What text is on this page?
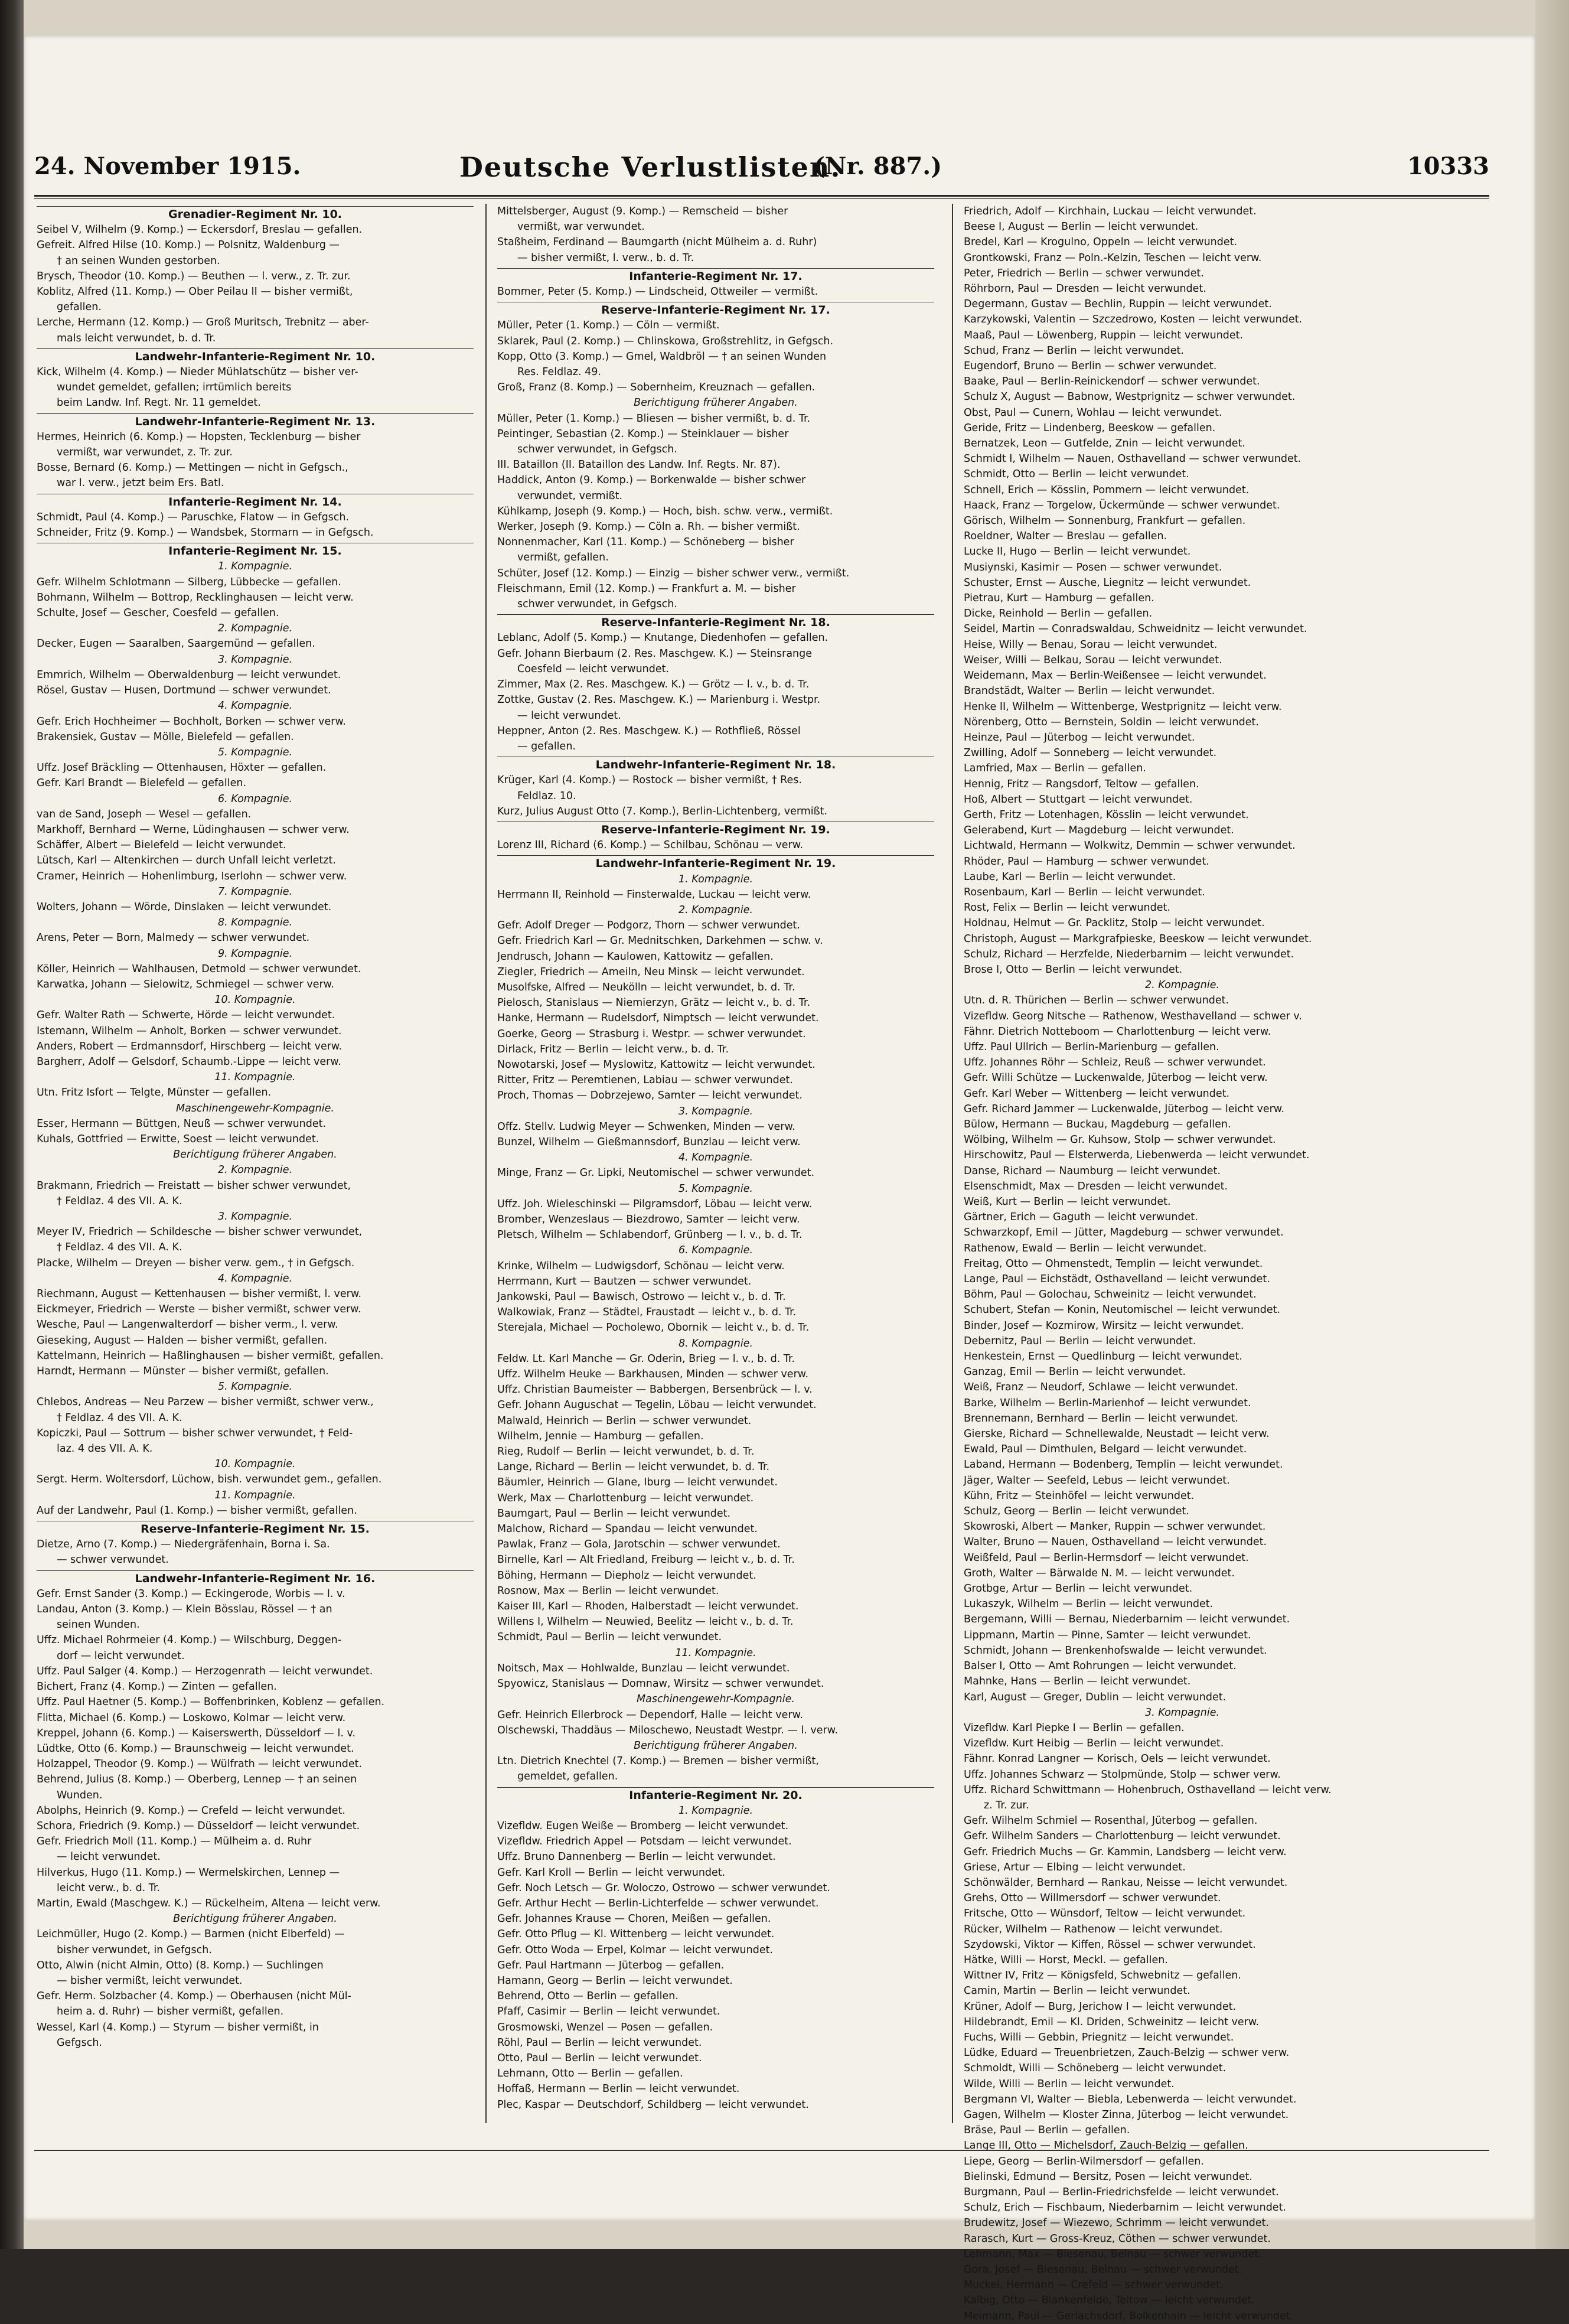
24. November 1915.	Deutsche Verlustlisten.
(Nr. 887.)	10333
Grenadier-Regiment Nr. 10.
Seibel V, Wilhelm (9. Komp.) — Eckersdorf, Breslau — gefallen.
Gefreit. Alfred Hilse (10. Komp.) — Polsnitz, Waldenburg —
† an seinen Wunden gestorben.
Brysch, Theodor (10. Komp.) — Beuthen — l. verw., z. Tr. zur.
Koblitz, Alfred (11. Komp.) — Ober Peilau II — bisher vermißt,
gefallen.
Lerche, Hermann (12. Komp.) — Groß Muritsch, Trebnitz — aber-
mals leicht verwundet, b. d. Tr.
Landwehr-Infanterie-Regiment Nr. 10.
Kick, Wilhelm (4. Komp.) — Nieder Mühlatschütz — bisher ver-
wundet gemeldet, gefallen; irrtümlich bereits
beim Landw. Inf. Regt. Nr. 11 gemeldet.
Landwehr-Infanterie-Regiment Nr. 13.
Hermes, Heinrich (6. Komp.) — Hopsten, Tecklenburg — bisher
vermißt, war verwundet, z. Tr. zur.
Bosse, Bernard (6. Komp.) — Mettingen — nicht in Gefgsch.,
war l. verw., jetzt beim Ers. Batl.
Infanterie-Regiment Nr. 14.
Schmidt, Paul (4. Komp.) — Paruschke, Flatow — in Gefgsch.
Schneider, Fritz (9. Komp.) — Wandsbek, Stormarn — in Gefgsch.
Infanterie-Regiment Nr. 15.
1. Kompagnie.
Gefr. Wilhelm Schlotmann — Silberg, Lübbecke — gefallen.
Bohmann, Wilhelm — Bottrop, Recklinghausen — leicht verw.
Schulte, Josef — Gescher, Coesfeld — gefallen.
2. Kompagnie.
Decker, Eugen — Saaralben, Saargemünd — gefallen.
3. Kompagnie.
Emmrich, Wilhelm — Oberwaldenburg — leicht verwundet.
Rösel, Gustav — Husen, Dortmund — schwer verwundet.
4. Kompagnie.
Gefr. Erich Hochheimer — Bochholt, Borken — schwer verw.
Brakensiek, Gustav — Mölle, Bielefeld — gefallen.
5. Kompagnie.
Uffz. Josef Bräckling — Ottenhausen, Höxter — gefallen.
Gefr. Karl Brandt — Bielefeld — gefallen.
6. Kompagnie.
van de Sand, Joseph — Wesel — gefallen.
Markhoff, Bernhard — Werne, Lüdinghausen — schwer verw.
Schäffer, Albert — Bielefeld — leicht verwundet.
Lütsch, Karl — Altenkirchen — durch Unfall leicht verletzt.
Cramer, Heinrich — Hohenlimburg, Iserlohn — schwer verw.
7. Kompagnie.
Wolters, Johann — Wörde, Dinslaken — leicht verwundet.
8. Kompagnie.
Arens, Peter — Born, Malmedy — schwer verwundet.
9. Kompagnie.
Köller, Heinrich — Wahlhausen, Detmold — schwer verwundet.
Karwatka, Johann — Sielowitz, Schmiegel — schwer verw.
10. Kompagnie.
Gefr. Walter Rath — Schwerte, Hörde — leicht verwundet.
Istemann, Wilhelm — Anholt, Borken — schwer verwundet.
Anders, Robert — Erdmannsdorf, Hirschberg — leicht verw.
Bargherr, Adolf — Gelsdorf, Schaumb.-Lippe — leicht verw.
11. Kompagnie.
Utn. Fritz Isfort — Telgte, Münster — gefallen.
Maschinengewehr-Kompagnie.
Esser, Hermann — Büttgen, Neuß — schwer verwundet.
Kuhals, Gottfried — Erwitte, Soest — leicht verwundet.
Berichtigung früherer Angaben.
2. Kompagnie.
Brakmann, Friedrich — Freistatt — bisher schwer verwundet,
† Feldlaz. 4 des VII. A. K.
3. Kompagnie.
Meyer IV, Friedrich — Schildesche — bisher schwer verwundet,
† Feldlaz. 4 des VII. A. K.
Placke, Wilhelm — Dreyen — bisher verw. gem., † in Gefgsch.
4. Kompagnie.
Riechmann, August — Kettenhausen — bisher vermißt, l. verw.
Eickmeyer, Friedrich — Werste — bisher vermißt, schwer verw.
Wesche, Paul — Langenwalterdorf — bisher verm., l. verw.
Gieseking, August — Halden — bisher vermißt, gefallen.
Kattelmann, Heinrich — Haßlinghausen — bisher vermißt, gefallen.
Harndt, Hermann — Münster — bisher vermißt, gefallen.
5. Kompagnie.
Chlebos, Andreas — Neu Parzew — bisher vermißt, schwer verw.,
† Feldlaz. 4 des VII. A. K.
Kopiczki, Paul — Sottrum — bisher schwer verwundet, † Feld-
laz. 4 des VII. A. K.
10. Kompagnie.
Sergt. Herm. Woltersdorf, Lüchow, bish. verwundet gem., gefallen.
11. Kompagnie.
Auf der Landwehr, Paul (1. Komp.) — bisher vermißt, gefallen.
Reserve-Infanterie-Regiment Nr. 15.
Dietze, Arno (7. Komp.) — Niedergräfenhain, Borna i. Sa.
— schwer verwundet.
Landwehr-Infanterie-Regiment Nr. 16.
Gefr. Ernst Sander (3. Komp.) — Eckingerode, Worbis — l. v.
Landau, Anton (3. Komp.) — Klein Bösslau, Rössel — † an
seinen Wunden.
Uffz. Michael Rohrmeier (4. Komp.) — Wilschburg, Deggen-
dorf — leicht verwundet.
Uffz. Paul Salger (4. Komp.) — Herzogenrath — leicht verwundet.
Bichert, Franz (4. Komp.) — Zinten — gefallen.
Uffz. Paul Haetner (5. Komp.) — Boffenbrinken, Koblenz — gefallen.
Flitta, Michael (6. Komp.) — Loskowo, Kolmar — leicht verw.
Kreppel, Johann (6. Komp.) — Kaiserswerth, Düsseldorf — l. v.
Lüdtke, Otto (6. Komp.) — Braunschweig — leicht verwundet.
Holzappel, Theodor (9. Komp.) — Wülfrath — leicht verwundet.
Behrend, Julius (8. Komp.) — Oberberg, Lennep — † an seinen
Wunden.
Abolphs, Heinrich (9. Komp.) — Crefeld — leicht verwundet.
Schora, Friedrich (9. Komp.) — Düsseldorf — leicht verwundet.
Gefr. Friedrich Moll (11. Komp.) — Mülheim a. d. Ruhr
— leicht verwundet.
Hilverkus, Hugo (11. Komp.) — Wermelskirchen, Lennep —
leicht verw., b. d. Tr.
Martin, Ewald (Maschgew. K.) — Rückelheim, Altena — leicht verw.
Berichtigung früherer Angaben.
Leichmüller, Hugo (2. Komp.) — Barmen (nicht Elberfeld) —
bisher verwundet, in Gefgsch.
Otto, Alwin (nicht Almin, Otto) (8. Komp.) — Suchlingen
— bisher vermißt, leicht verwundet.
Gefr. Herm. Solzbacher (4. Komp.) — Oberhausen (nicht Mül-
heim a. d. Ruhr) — bisher vermißt, gefallen.
Wessel, Karl (4. Komp.) — Styrum — bisher vermißt, in
Gefgsch.
Mittelsberger, August (9. Komp.) — Remscheid — bisher
vermißt, war verwundet.
Staßheim, Ferdinand — Baumgarth (nicht Mülheim a. d. Ruhr)
— bisher vermißt, l. verw., b. d. Tr.
Infanterie-Regiment Nr. 17.
Bommer, Peter (5. Komp.) — Lindscheid, Ottweiler — vermißt.
Reserve-Infanterie-Regiment Nr. 17.
Müller, Peter (1. Komp.) — Cöln — vermißt.
Sklarek, Paul (2. Komp.) — Chlinskowa, Großstrehlitz, in Gefgsch.
Kopp, Otto (3. Komp.) — Gmel, Waldbröl — † an seinen Wunden
Res. Feldlaz. 49.
Groß, Franz (8. Komp.) — Sobernheim, Kreuznach — gefallen.
Berichtigung früherer Angaben.
Müller, Peter (1. Komp.) — Bliesen — bisher vermißt, b. d. Tr.
Peintinger, Sebastian (2. Komp.) — Steinklauer — bisher
schwer verwundet, in Gefgsch.
III. Bataillon (II. Bataillon des Landw. Inf. Regts. Nr. 87).
Haddick, Anton (9. Komp.) — Borkenwalde — bisher schwer
verwundet, vermißt.
Kühlkamp, Joseph (9. Komp.) — Hoch, bish. schw. verw., vermißt.
Werker, Joseph (9. Komp.) — Cöln a. Rh. — bisher vermißt.
Nonnenmacher, Karl (11. Komp.) — Schöneberg — bisher
vermißt, gefallen.
Schüter, Josef (12. Komp.) — Einzig — bisher schwer verw., vermißt.
Fleischmann, Emil (12. Komp.) — Frankfurt a. M. — bisher
schwer verwundet, in Gefgsch.
Reserve-Infanterie-Regiment Nr. 18.
Leblanc, Adolf (5. Komp.) — Knutange, Diedenhofen — gefallen.
Gefr. Johann Bierbaum (2. Res. Maschgew. K.) — Steinsrange
Coesfeld — leicht verwundet.
Zimmer, Max (2. Res. Maschgew. K.) — Grötz — l. v., b. d. Tr.
Zottke, Gustav (2. Res. Maschgew. K.) — Marienburg i. Westpr.
— leicht verwundet.
Heppner, Anton (2. Res. Maschgew. K.) — Rothfließ, Rössel
— gefallen.
Landwehr-Infanterie-Regiment Nr. 18.
Krüger, Karl (4. Komp.) — Rostock — bisher vermißt, † Res.
Feldlaz. 10.
Kurz, Julius August Otto (7. Komp.), Berlin-Lichtenberg, vermißt.
Reserve-Infanterie-Regiment Nr. 19.
Lorenz III, Richard (6. Komp.) — Schilbau, Schönau — verw.
Landwehr-Infanterie-Regiment Nr. 19.
1. Kompagnie.
Herrmann II, Reinhold — Finsterwalde, Luckau — leicht verw.
2. Kompagnie.
Gefr. Adolf Dreger — Podgorz, Thorn — schwer verwundet.
Gefr. Friedrich Karl — Gr. Mednitschken, Darkehmen — schw. v.
Jendrusch, Johann — Kaulowen, Kattowitz — gefallen.
Ziegler, Friedrich — Ameiln, Neu Minsk — leicht verwundet.
Musolfske, Alfred — Neukölln — leicht verwundet, b. d. Tr.
Pielosch, Stanislaus — Niemierzyn, Grätz — leicht v., b. d. Tr.
Hanke, Hermann — Rudelsdorf, Nimptsch — leicht verwundet.
Goerke, Georg — Strasburg i. Westpr. — schwer verwundet.
Dirlack, Fritz — Berlin — leicht verw., b. d. Tr.
Nowotarski, Josef — Myslowitz, Kattowitz — leicht verwundet.
Ritter, Fritz — Peremtienen, Labiau — schwer verwundet.
Proch, Thomas — Dobrzejewo, Samter — leicht verwundet.
3. Kompagnie.
Offz. Stellv. Ludwig Meyer — Schwenken, Minden — verw.
Bunzel, Wilhelm — Gießmannsdorf, Bunzlau — leicht verw.
4. Kompagnie.
Minge, Franz — Gr. Lipki, Neutomischel — schwer verwundet.
5. Kompagnie.
Uffz. Joh. Wieleschinski — Pilgramsdorf, Löbau — leicht verw.
Bromber, Wenzeslaus — Biezdrowo, Samter — leicht verw.
Pletsch, Wilhelm — Schlabendorf, Grünberg — l. v., b. d. Tr.
6. Kompagnie.
Krinke, Wilhelm — Ludwigsdorf, Schönau — leicht verw.
Herrmann, Kurt — Bautzen — schwer verwundet.
Jankowski, Paul — Bawisch, Ostrowo — leicht v., b. d. Tr.
Walkowiak, Franz — Städtel, Fraustadt — leicht v., b. d. Tr.
Sterejala, Michael — Pocholewo, Obornik — leicht v., b. d. Tr.
8. Kompagnie.
Feldw. Lt. Karl Manche — Gr. Oderin, Brieg — l. v., b. d. Tr.
Uffz. Wilhelm Heuke — Barkhausen, Minden — schwer verw.
Uffz. Christian Baumeister — Babbergen, Bersenbrück — l. v.
Gefr. Johann Auguschat — Tegelin, Löbau — leicht verwundet.
Malwald, Heinrich — Berlin — schwer verwundet.
Wilhelm, Jennie — Hamburg — gefallen.
Rieg, Rudolf — Berlin — leicht verwundet, b. d. Tr.
Lange, Richard — Berlin — leicht verwundet, b. d. Tr.
Bäumler, Heinrich — Glane, Iburg — leicht verwundet.
Werk, Max — Charlottenburg — leicht verwundet.
Baumgart, Paul — Berlin — leicht verwundet.
Malchow, Richard — Spandau — leicht verwundet.
Pawlak, Franz — Gola, Jarotschin — schwer verwundet.
Birnelle, Karl — Alt Friedland, Freiburg — leicht v., b. d. Tr.
Böhing, Hermann — Diepholz — leicht verwundet.
Rosnow, Max — Berlin — leicht verwundet.
Kaiser III, Karl — Rhoden, Halberstadt — leicht verwundet.
Willens I, Wilhelm — Neuwied, Beelitz — leicht v., b. d. Tr.
Schmidt, Paul — Berlin — leicht verwundet.
11. Kompagnie.
Noitsch, Max — Hohlwalde, Bunzlau — leicht verwundet.
Spyowicz, Stanislaus — Domnaw, Wirsitz — schwer verwundet.
Maschinengewehr-Kompagnie.
Gefr. Heinrich Ellerbrock — Dependorf, Halle — leicht verw.
Olschewski, Thaddäus — Miloschewo, Neustadt Westpr. — l. verw.
Berichtigung früherer Angaben.
Ltn. Dietrich Knechtel (7. Komp.) — Bremen — bisher vermißt,
gemeldet, gefallen.
Infanterie-Regiment Nr. 20.
1. Kompagnie.
Vizefldw. Eugen Weiße — Bromberg — leicht verwundet.
Vizefldw. Friedrich Appel — Potsdam — leicht verwundet.
Uffz. Bruno Dannenberg — Berlin — leicht verwundet.
Gefr. Karl Kroll — Berlin — leicht verwundet.
Gefr. Noch Letsch — Gr. Woloczo, Ostrowo — schwer verwundet.
Gefr. Arthur Hecht — Berlin-Lichterfelde — schwer verwundet.
Gefr. Johannes Krause — Choren, Meißen — gefallen.
Gefr. Otto Pflug — Kl. Wittenberg — leicht verwundet.
Gefr. Otto Woda — Erpel, Kolmar — leicht verwundet.
Gefr. Paul Hartmann — Jüterbog — gefallen.
Hamann, Georg — Berlin — leicht verwundet.
Behrend, Otto — Berlin — gefallen.
Pfaff, Casimir — Berlin — leicht verwundet.
Grosmowski, Wenzel — Posen — gefallen.
Röhl, Paul — Berlin — leicht verwundet.
Otto, Paul — Berlin — leicht verwundet.
Lehmann, Otto — Berlin — gefallen.
Hoffaß, Hermann — Berlin — leicht verwundet.
Plec, Kaspar — Deutschdorf, Schildberg — leicht verwundet.
Friedrich, Adolf — Kirchhain, Luckau — leicht verwundet.
Beese I, August — Berlin — leicht verwundet.
Bredel, Karl — Krogulno, Oppeln — leicht verwundet.
Grontkowski, Franz — Poln.-Kelzin, Teschen — leicht verw.
Peter, Friedrich — Berlin — schwer verwundet.
Röhrborn, Paul — Dresden — leicht verwundet.
Degermann, Gustav — Bechlin, Ruppin — leicht verwundet.
Karzykowski, Valentin — Szczedrowo, Kosten — leicht verwundet.
Maaß, Paul — Löwenberg, Ruppin — leicht verwundet.
Schud, Franz — Berlin — leicht verwundet.
Eugendorf, Bruno — Berlin — schwer verwundet.
Baake, Paul — Berlin-Reinickendorf — schwer verwundet.
Schulz X, August — Babnow, Westprignitz — schwer verwundet.
Obst, Paul — Cunern, Wohlau — leicht verwundet.
Geride, Fritz — Lindenberg, Beeskow — gefallen.
Bernatzek, Leon — Gutfelde, Znin — leicht verwundet.
Schmidt I, Wilhelm — Nauen, Osthavelland — schwer verwundet.
Schmidt, Otto — Berlin — leicht verwundet.
Schnell, Erich — Kösslin, Pommern — leicht verwundet.
Haack, Franz — Torgelow, Ückermünde — schwer verwundet.
Görisch, Wilhelm — Sonnenburg, Frankfurt — gefallen.
Roeldner, Walter — Breslau — gefallen.
Lucke II, Hugo — Berlin — leicht verwundet.
Musiynski, Kasimir — Posen — schwer verwundet.
Schuster, Ernst — Ausche, Liegnitz — leicht verwundet.
Pietrau, Kurt — Hamburg — gefallen.
Dicke, Reinhold — Berlin — gefallen.
Seidel, Martin — Conradswaldau, Schweidnitz — leicht verwundet.
Heise, Willy — Benau, Sorau — leicht verwundet.
Weiser, Willi — Belkau, Sorau — leicht verwundet.
Weidemann, Max — Berlin-Weißensee — leicht verwundet.
Brandstädt, Walter — Berlin — leicht verwundet.
Henke II, Wilhelm — Wittenberge, Westprignitz — leicht verw.
Nörenberg, Otto — Bernstein, Soldin — leicht verwundet.
Heinze, Paul — Jüterbog — leicht verwundet.
Zwilling, Adolf — Sonneberg — leicht verwundet.
Lamfried, Max — Berlin — gefallen.
Hennig, Fritz — Rangsdorf, Teltow — gefallen.
Hoß, Albert — Stuttgart — leicht verwundet.
Gerth, Fritz — Lotenhagen, Kösslin — leicht verwundet.
Gelerabend, Kurt — Magdeburg — leicht verwundet.
Lichtwald, Hermann — Wolkwitz, Demmin — schwer verwundet.
Rhöder, Paul — Hamburg — schwer verwundet.
Laube, Karl — Berlin — leicht verwundet.
Rosenbaum, Karl — Berlin — leicht verwundet.
Rost, Felix — Berlin — leicht verwundet.
Holdnau, Helmut — Gr. Packlitz, Stolp — leicht verwundet.
Christoph, August — Markgrafpieske, Beeskow — leicht verwundet.
Schulz, Richard — Herzfelde, Niederbarnim — leicht verwundet.
Brose I, Otto — Berlin — leicht verwundet.
2. Kompagnie.
Utn. d. R. Thürichen — Berlin — schwer verwundet.
Vizefldw. Georg Nitsche — Rathenow, Westhavelland — schwer v.
Fähnr. Dietrich Notteboom — Charlottenburg — leicht verw.
Uffz. Paul Ullrich — Berlin-Marienburg — gefallen.
Uffz. Johannes Röhr — Schleiz, Reuß — schwer verwundet.
Gefr. Willi Schütze — Luckenwalde, Jüterbog — leicht verw.
Gefr. Karl Weber — Wittenberg — leicht verwundet.
Gefr. Richard Jammer — Luckenwalde, Jüterbog — leicht verw.
Bülow, Hermann — Buckau, Magdeburg — gefallen.
Wölbing, Wilhelm — Gr. Kuhsow, Stolp — schwer verwundet.
Hirschowitz, Paul — Elsterwerda, Liebenwerda — leicht verwundet.
Danse, Richard — Naumburg — leicht verwundet.
Elsenschmidt, Max — Dresden — leicht verwundet.
Weiß, Kurt — Berlin — leicht verwundet.
Gärtner, Erich — Gaguth — leicht verwundet.
Schwarzkopf, Emil — Jütter, Magdeburg — schwer verwundet.
Rathenow, Ewald — Berlin — leicht verwundet.
Freitag, Otto — Ohmenstedt, Templin — leicht verwundet.
Lange, Paul — Eichstädt, Osthavelland — leicht verwundet.
Böhm, Paul — Golochau, Schweinitz — leicht verwundet.
Schubert, Stefan — Konin, Neutomischel — leicht verwundet.
Binder, Josef — Kozmirow, Wirsitz — leicht verwundet.
Debernitz, Paul — Berlin — leicht verwundet.
Henkestein, Ernst — Quedlinburg — leicht verwundet.
Ganzag, Emil — Berlin — leicht verwundet.
Weiß, Franz — Neudorf, Schlawe — leicht verwundet.
Barke, Wilhelm — Berlin-Marienhof — leicht verwundet.
Brennemann, Bernhard — Berlin — leicht verwundet.
Gierske, Richard — Schnellewalde, Neustadt — leicht verw.
Ewald, Paul — Dimthulen, Belgard — leicht verwundet.
Laband, Hermann — Bodenberg, Templin — leicht verwundet.
Jäger, Walter — Seefeld, Lebus — leicht verwundet.
Kühn, Fritz — Steinhöfel — leicht verwundet.
Schulz, Georg — Berlin — leicht verwundet.
Skowroski, Albert — Manker, Ruppin — schwer verwundet.
Walter, Bruno — Nauen, Osthavelland — leicht verwundet.
Weißfeld, Paul — Berlin-Hermsdorf — leicht verwundet.
Groth, Walter — Bärwalde N. M. — leicht verwundet.
Grotbge, Artur — Berlin — leicht verwundet.
Lukaszyk, Wilhelm — Berlin — leicht verwundet.
Bergemann, Willi — Bernau, Niederbarnim — leicht verwundet.
Lippmann, Martin — Pinne, Samter — leicht verwundet.
Schmidt, Johann — Brenkenhofswalde — leicht verwundet.
Balser I, Otto — Amt Rohrungen — leicht verwundet.
Mahnke, Hans — Berlin — leicht verwundet.
Karl, August — Greger, Dublin — leicht verwundet.
3. Kompagnie.
Vizefldw. Karl Piepke I — Berlin — gefallen.
Vizefldw. Kurt Heibig — Berlin — leicht verwundet.
Fähnr. Konrad Langner — Korisch, Oels — leicht verwundet.
Uffz. Johannes Schwarz — Stolpmünde, Stolp — schwer verw.
Uffz. Richard Schwittmann — Hohenbruch, Osthavelland — leicht verw.
z. Tr. zur.
Gefr. Wilhelm Schmiel — Rosenthal, Jüterbog — gefallen.
Gefr. Wilhelm Sanders — Charlottenburg — leicht verwundet.
Gefr. Friedrich Muchs — Gr. Kammin, Landsberg — leicht verw.
Griese, Artur — Elbing — leicht verwundet.
Schönwälder, Bernhard — Rankau, Neisse — leicht verwundet.
Grehs, Otto — Willmersdorf — schwer verwundet.
Fritsche, Otto — Wünsdorf, Teltow — leicht verwundet.
Rücker, Wilhelm — Rathenow — leicht verwundet.
Szydowski, Viktor — Kiffen, Rössel — schwer verwundet.
Hätke, Willi — Horst, Meckl. — gefallen.
Wittner IV, Fritz — Königsfeld, Schwebnitz — gefallen.
Camin, Martin — Berlin — leicht verwundet.
Krüner, Adolf — Burg, Jerichow I — leicht verwundet.
Hildebrandt, Emil — Kl. Driden, Schweinitz — leicht verw.
Fuchs, Willi — Gebbin, Priegnitz — leicht verwundet.
Lüdke, Eduard — Treuenbrietzen, Zauch-Belzig — schwer verw.
Schmoldt, Willi — Schöneberg — leicht verwundet.
Wilde, Willi — Berlin — leicht verwundet.
Bergmann VI, Walter — Biebla, Lebenwerda — leicht verwundet.
Gagen, Wilhelm — Kloster Zinna, Jüterbog — leicht verwundet.
Bräse, Paul — Berlin — gefallen.
Lange III, Otto — Michelsdorf, Zauch-Belzig — gefallen.
Liepe, Georg — Berlin-Wilmersdorf — gefallen.
Bielinski, Edmund — Bersitz, Posen — leicht verwundet.
Burgmann, Paul — Berlin-Friedrichsfelde — leicht verwundet.
Schulz, Erich — Fischbaum, Niederbarnim — leicht verwundet.
Brudewitz, Josef — Wiezewo, Schrimm — leicht verwundet.
Rarasch, Kurt — Gross-Kreuz, Cöthen — schwer verwundet.
Lehmann, Max — Biesenau, Belnau — schwer verwundet.
Gora, Josef — Biesenau, Belnau — schwer verwundet.
Muckel, Hermann — Crefeld — schwer verwundet.
Kalbig, Otto — Blankenfelde, Teltow — leicht verwundet.
Meimann, Paul — Gerlachsdorf, Bolkenhain — leicht verwundet.
